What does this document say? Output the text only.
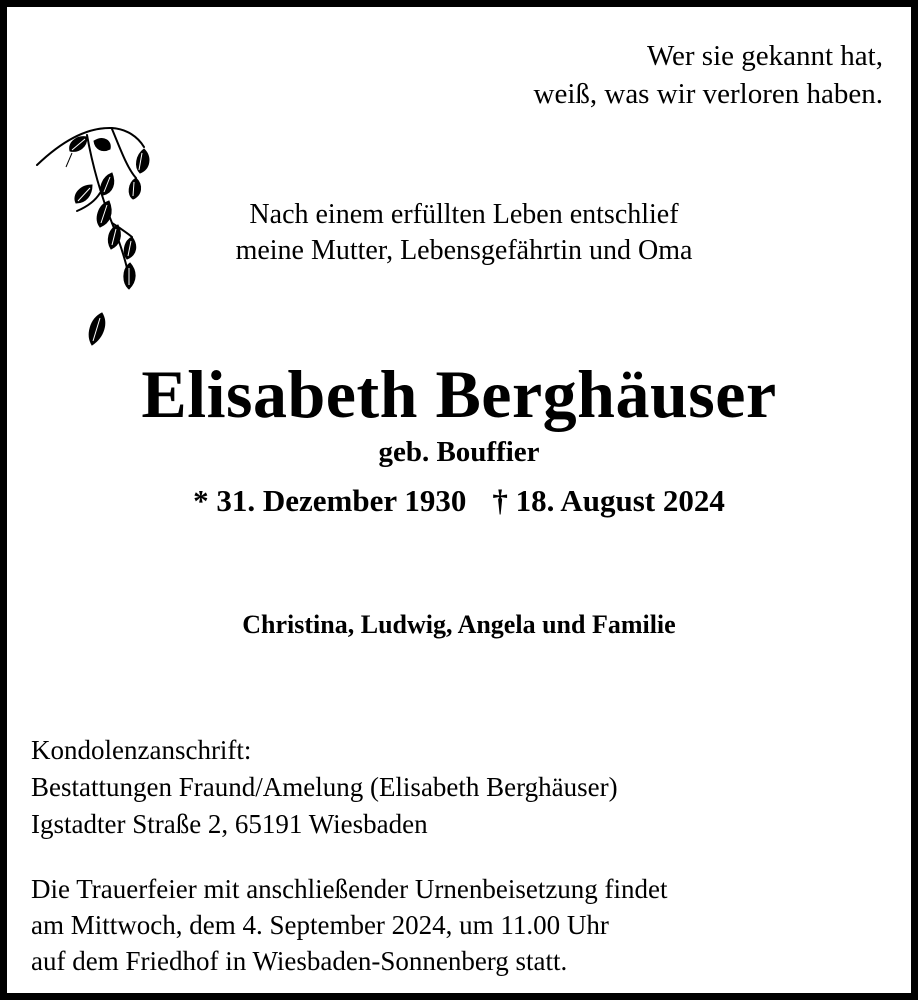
Wer sie gekannt hat,
weiß, was wir verloren haben.
Nach einem erfüllten Leben entschlief
meine Mutter, Lebensgefährtin und Oma
Elisabeth Berghäuser
geb. Bouffier
* 31. Dezember 1930 † 18. August 2024
Christina, Ludwig, Angela und Familie
Kondolenzanschrift:
Bestattungen Fraund/Amelung (Elisabeth Berghäuser)
Igstadter Straße 2, 65191 Wiesbaden
Die Trauerfeier mit anschließender Urnenbeisetzung findet
am Mittwoch, dem 4. September 2024, um 11.00 Uhr
auf dem Friedhof in Wiesbaden-Sonnenberg statt.
